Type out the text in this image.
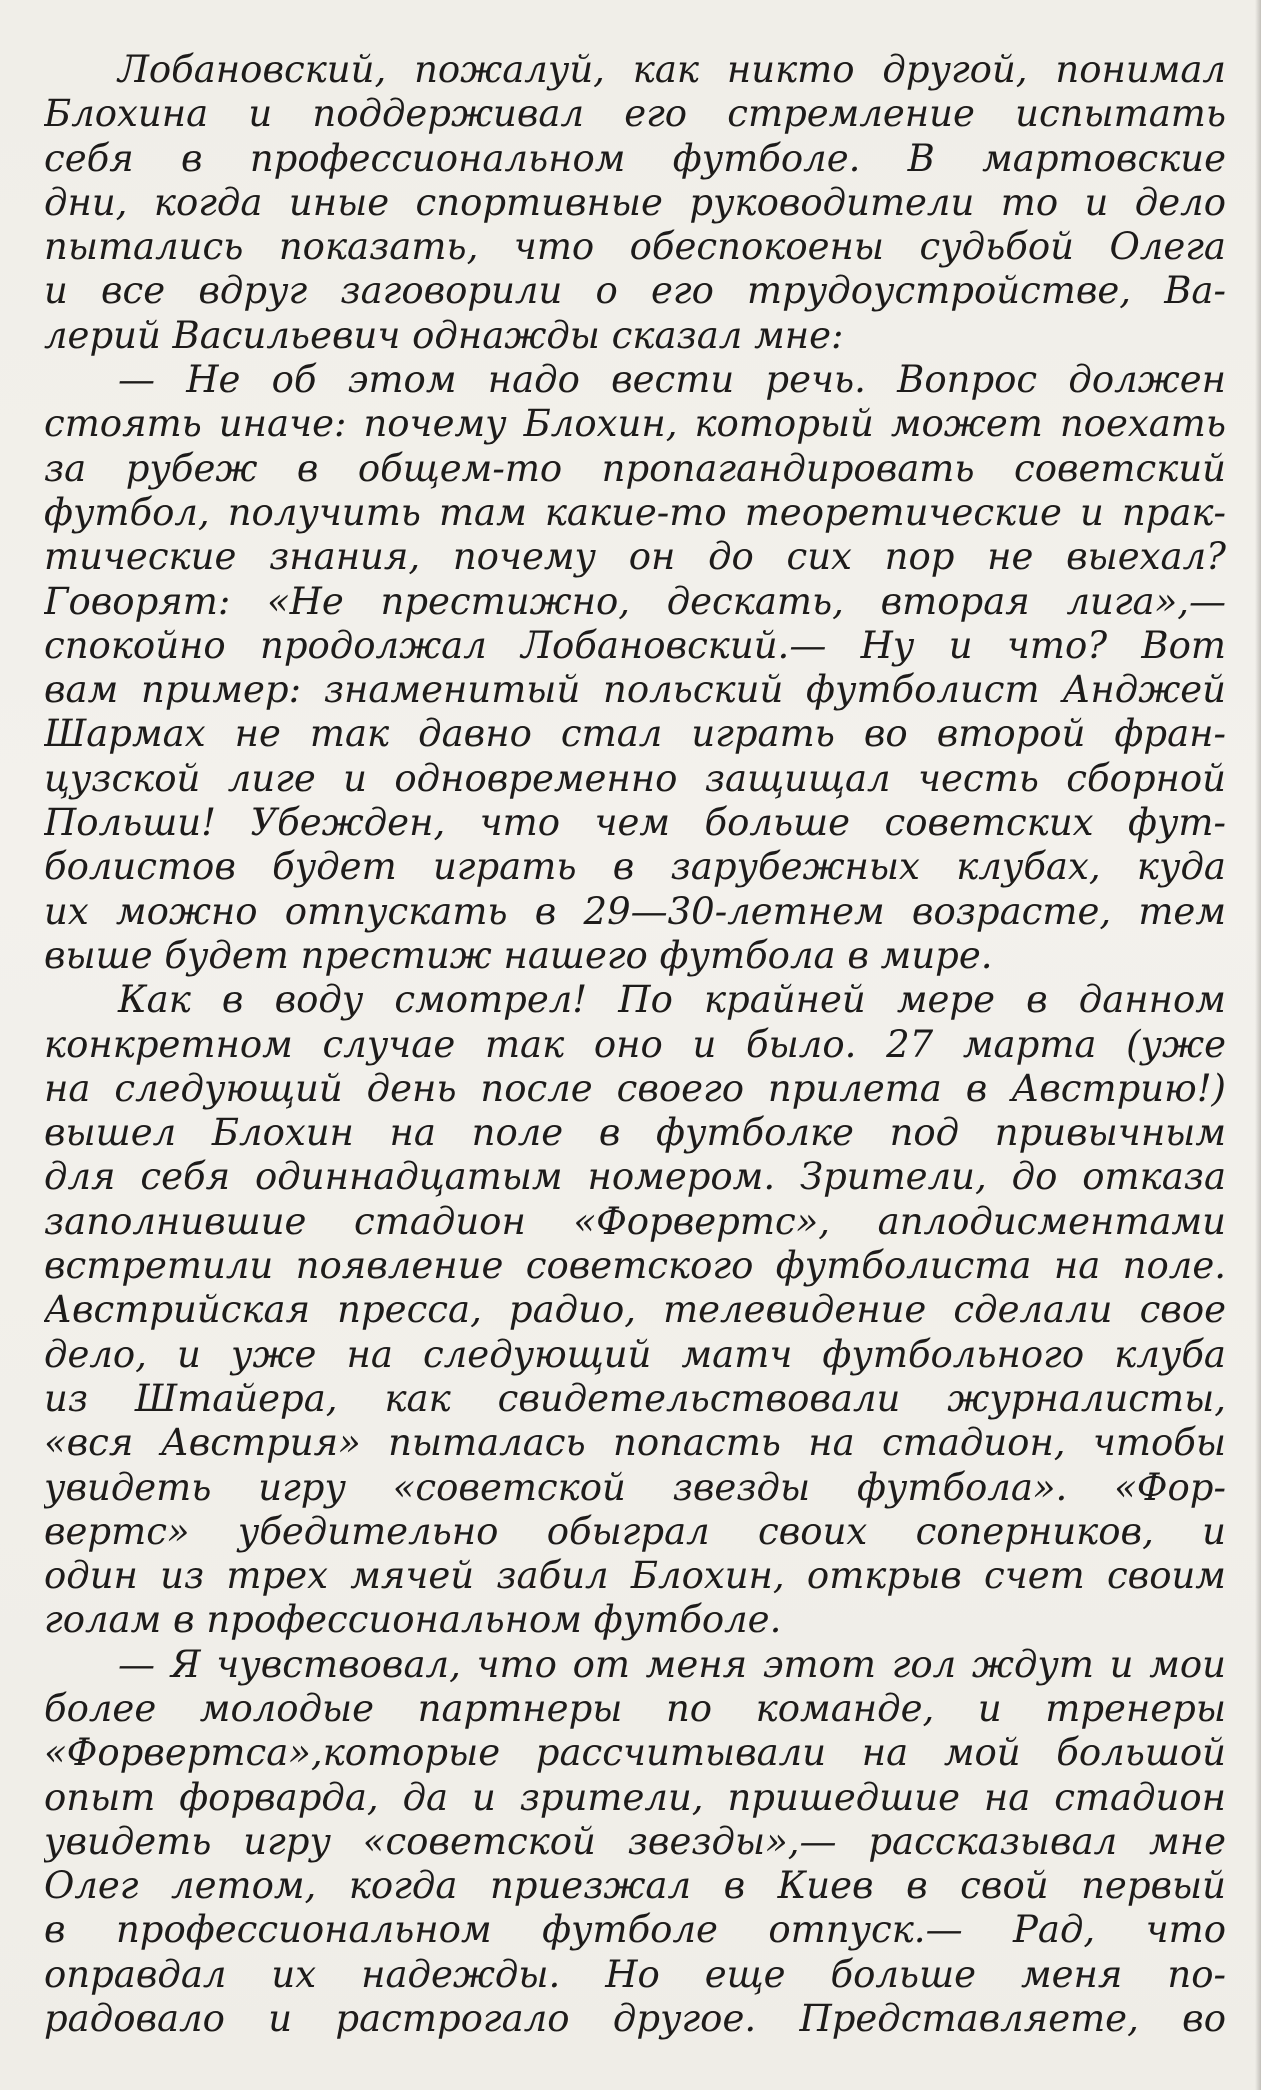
Лобановский, пожалуй, как никто другой, понимал
Блохина и поддерживал его стремление испытать
себя в профессиональном футболе. В мартовские
дни, когда иные спортивные руководители то и дело
пытались показать, что обеспокоены судьбой Олега
и все вдруг заговорили о его трудоустройстве, Ва-
лерий Васильевич однажды сказал мне:
— Не об этом надо вести речь. Вопрос должен
стоять иначе: почему Блохин, который может поехать
за рубеж в общем-то пропагандировать советский
футбол, получить там какие-то теоретические и прак-
тические знания, почему он до сих пор не выехал?
Говорят: «Не престижно, дескать, вторая лига»,—
спокойно продолжал Лобановский.— Ну и что? Вот
вам пример: знаменитый польский футболист Анджей
Шармах не так давно стал играть во второй фран-
цузской лиге и одновременно защищал честь сборной
Польши! Убежден, что чем больше советских фут-
болистов будет играть в зарубежных клубах, куда
их можно отпускать в 29—30-летнем возрасте, тем
выше будет престиж нашего футбола в мире.
Как в воду смотрел! По крайней мере в данном
конкретном случае так оно и было. 27 марта (уже
на следующий день после своего прилета в Австрию!)
вышел Блохин на поле в футболке под привычным
для себя одиннадцатым номером. Зрители, до отказа
заполнившие стадион «Форвертс», аплодисментами
встретили появление советского футболиста на поле.
Австрийская пресса, радио, телевидение сделали свое
дело, и уже на следующий матч футбольного клуба
из Штайера, как свидетельствовали журналисты,
«вся Австрия» пыталась попасть на стадион, чтобы
увидеть игру «советской звезды футбола». «Фор-
вертс» убедительно обыграл своих соперников, и
один из трех мячей забил Блохин, открыв счет своим
голам в профессиональном футболе.
— Я чувствовал, что от меня этот гол ждут и мои
более молодые партнеры по команде, и тренеры
«Форвертса»,которые рассчитывали на мой большой
опыт форварда, да и зрители, пришедшие на стадион
увидеть игру «советской звезды»,— рассказывал мне
Олег летом, когда приезжал в Киев в свой первый
в профессиональном футболе отпуск.— Рад, что
оправдал их надежды. Но еще больше меня по-
радовало и растрогало другое. Представляете, во
